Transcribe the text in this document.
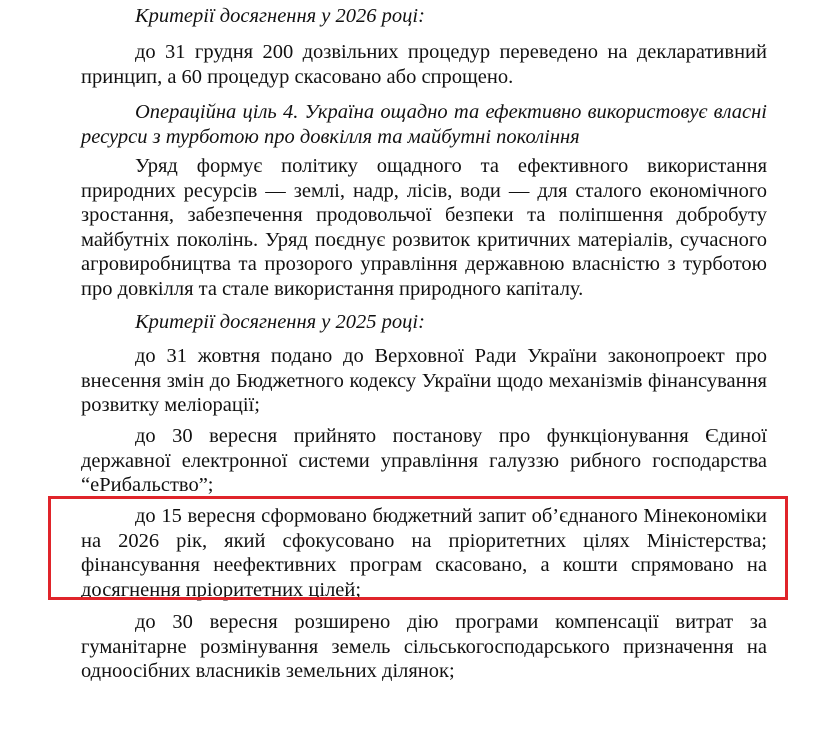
Критерії досягнення у 2026 році:

до 31 грудня 200 дозвільних процедур переведено на декларативний принцип, а 60 процедур скасовано або спрощено.

Операційна ціль 4. Україна ощадно та ефективно використовує власні ресурси з турботою про довкілля та майбутні покоління

Уряд формує політику ощадного та ефективного використання природних ресурсів — землі, надр, лісів, води — для сталого економічного зростання, забезпечення продовольчої безпеки та поліпшення добробуту майбутніх поколінь. Уряд поєднує розвиток критичних матеріалів, сучасного агровиробництва та прозорого управління державною власністю з турботою про довкілля та стале використання природного капіталу.

Критерії досягнення у 2025 році:

до 31 жовтня подано до Верховної Ради України законопроект про внесення змін до Бюджетного кодексу України щодо механізмів фінансування розвитку меліорації;

до 30 вересня прийнято постанову про функціонування Єдиної державної електронної системи управління галуззю рибного господарства “еРибальство”;

до 15 вересня сформовано бюджетний запит об’єднаного Мінекономіки на 2026 рік, який сфокусовано на пріоритетних цілях Міністерства; фінансування неефективних програм скасовано, а кошти спрямовано на досягнення пріоритетних цілей;

до 30 вересня розширено дію програми компенсації витрат за гуманітарне розмінування земель сільськогосподарського призначення на одноосібних власників земельних ділянок;
